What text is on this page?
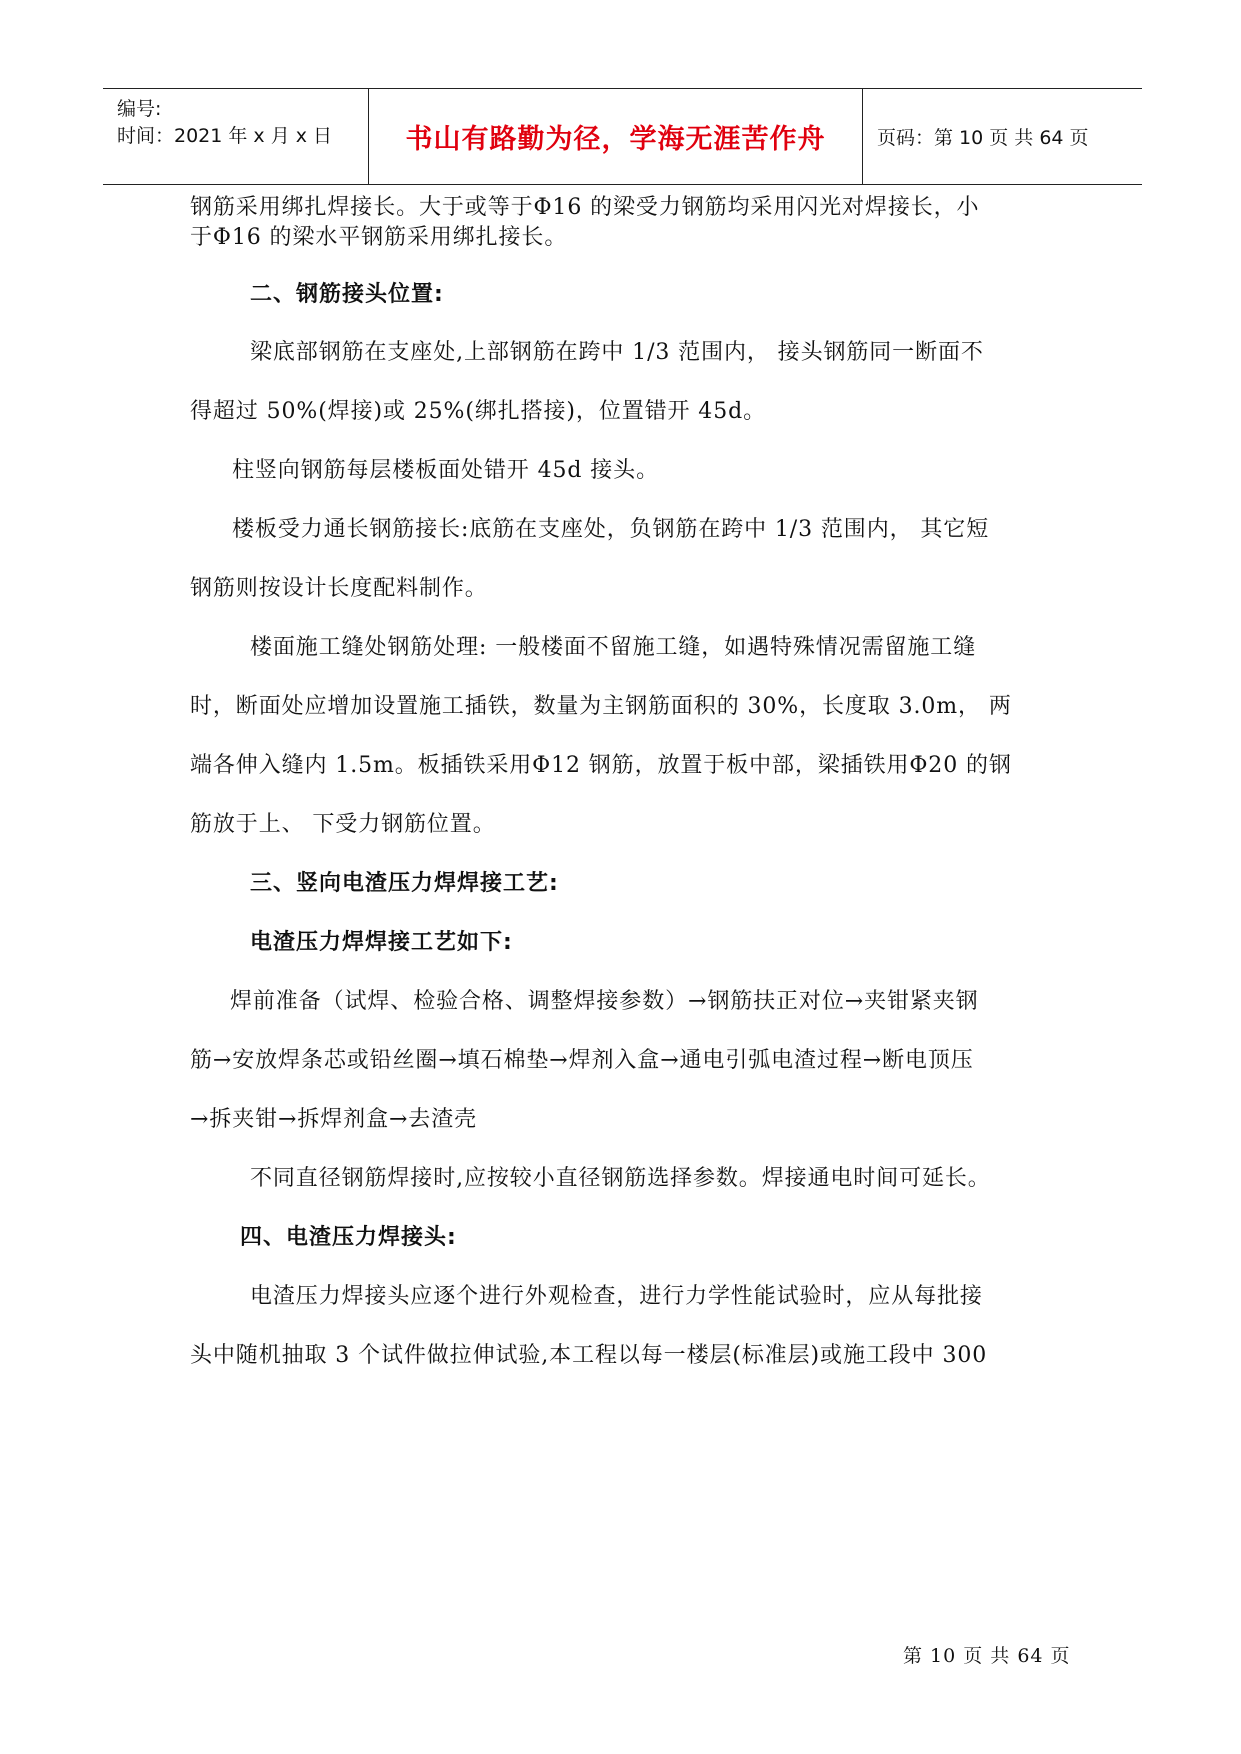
编号:
时间：2021 年 x 月 x 日	书山有路勤为径，学海无涯苦作舟	页码：第 10 页 共 64 页
钢筋采用绑扎焊接长。大于或等于Φ16 的梁受力钢筋均采用闪光对焊接长，小
于Φ16 的梁水平钢筋采用绑扎接长。
二、钢筋接头位置:
梁底部钢筋在支座处,上部钢筋在跨中 1/3 范围内， 接头钢筋同一断面不
得超过 50%(焊接)或 25%(绑扎搭接)，位置错开 45d。
柱竖向钢筋每层楼板面处错开 45d 接头。
楼板受力通长钢筋接长:底筋在支座处，负钢筋在跨中 1/3 范围内， 其它短
钢筋则按设计长度配料制作。
楼面施工缝处钢筋处理: 一般楼面不留施工缝，如遇特殊情况需留施工缝
时，断面处应增加设置施工插铁，数量为主钢筋面积的 30%，长度取 3.0m， 两
端各伸入缝内 1.5m。板插铁采用Φ12 钢筋，放置于板中部，梁插铁用Φ20 的钢
筋放于上、 下受力钢筋位置。
三、竖向电渣压力焊焊接工艺:
电渣压力焊焊接工艺如下:
焊前准备（试焊、检验合格、调整焊接参数）→钢筋扶正对位→夹钳紧夹钢
筋→安放焊条芯或铅丝圈→填石棉垫→焊剂入盒→通电引弧电渣过程→断电顶压
→拆夹钳→拆焊剂盒→去渣壳
不同直径钢筋焊接时,应按较小直径钢筋选择参数。焊接通电时间可延长。
四、电渣压力焊接头:
电渣压力焊接头应逐个进行外观检查，进行力学性能试验时，应从每批接
头中随机抽取 3 个试件做拉伸试验,本工程以每一楼层(标准层)或施工段中 300
第 10 页 共 64 页
